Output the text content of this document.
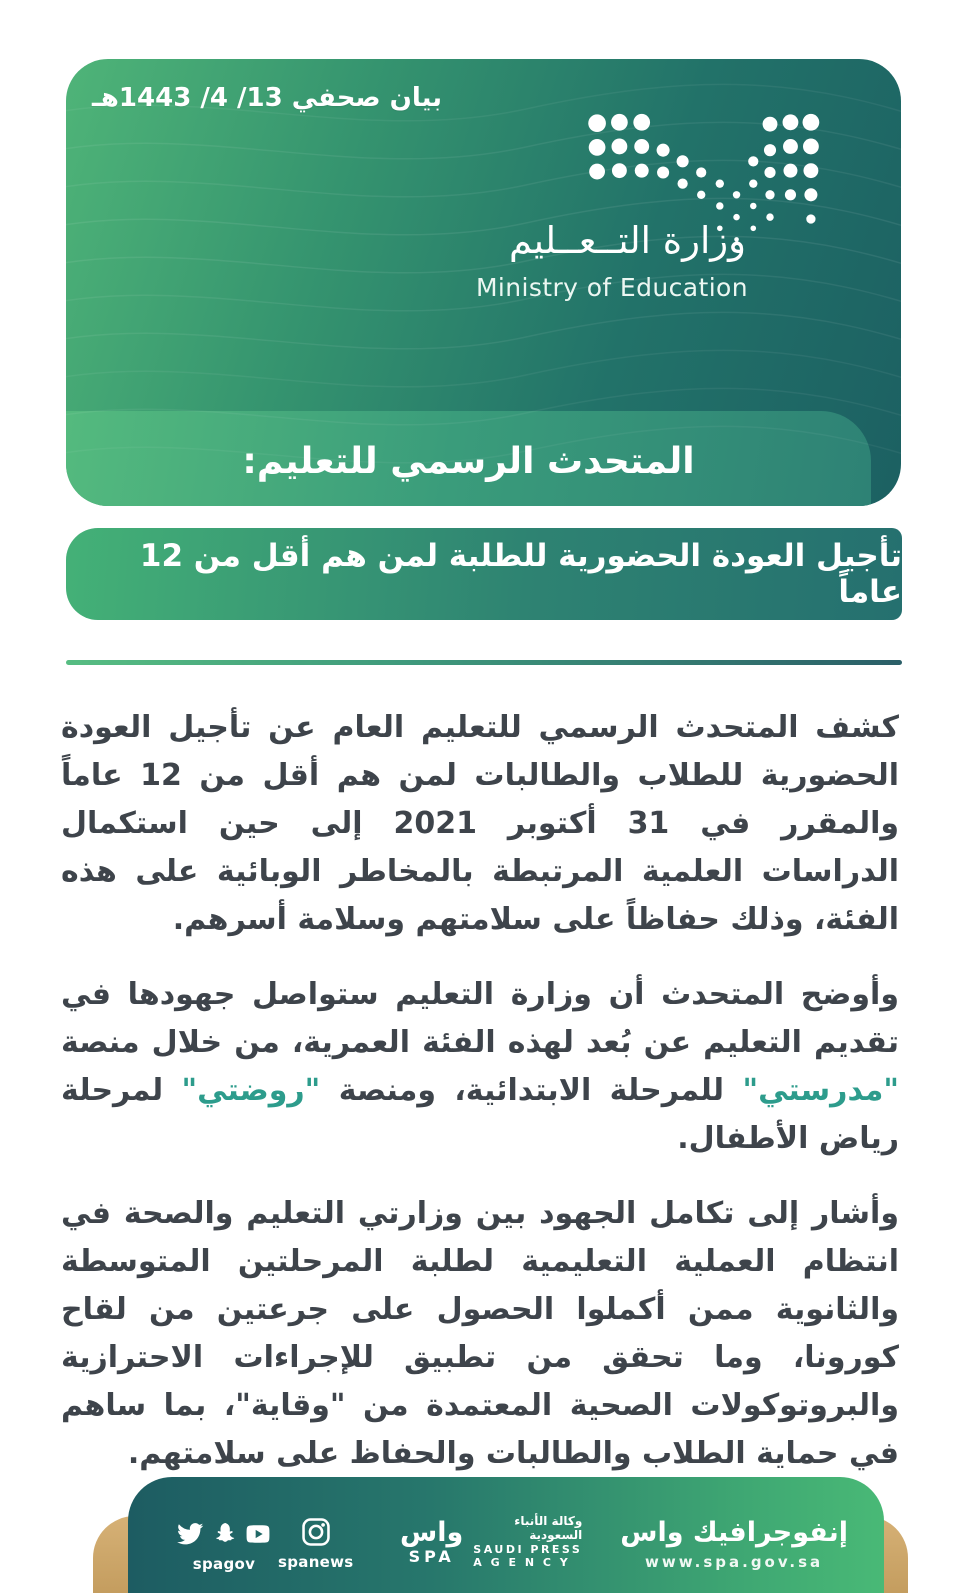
بيان صحفي 13/ 4/ 1443هـ
وزارة التــعــليم
Ministry of Education
المتحدث الرسمي للتعليم:
تأجيل العودة الحضورية للطلبة لمن هم أقل من 12 عاماً

كشف المتحدث الرسمي للتعليم العام عن تأجيل العودة الحضورية للطلاب والطالبات لمن هم أقل من 12 عاماً والمقرر في 31 أكتوبر 2021 إلى حين استكمال الدراسات العلمية المرتبطة بالمخاطر الوبائية على هذه الفئة، وذلك حفاظاً على سلامتهم وسلامة أسرهم.

وأوضح المتحدث أن وزارة التعليم ستواصل جهودها في تقديم التعليم عن بُعد لهذه الفئة العمرية، من خلال منصة "مدرستي" للمرحلة الابتدائية، ومنصة "روضتي" لمرحلة رياض الأطفال.

وأشار إلى تكامل الجهود بين وزارتي التعليم والصحة في انتظام العملية التعليمية لطلبة المرحلتين المتوسطة والثانوية ممن أكملوا الحصول على جرعتين من لقاح كورونا، وما تحقق من تطبيق للإجراءات الاحترازية والبروتوكولات الصحية المعتمدة من "وقاية"، بما ساهم في حماية الطلاب والطالبات والحفاظ على سلامتهم.

spagov	spanews
واس
SPA
وكالة الأنباء
السعودية
SAUDI PRESS
A G E N C Y
إنفوجرافيك واس
www.spa.gov.sa
